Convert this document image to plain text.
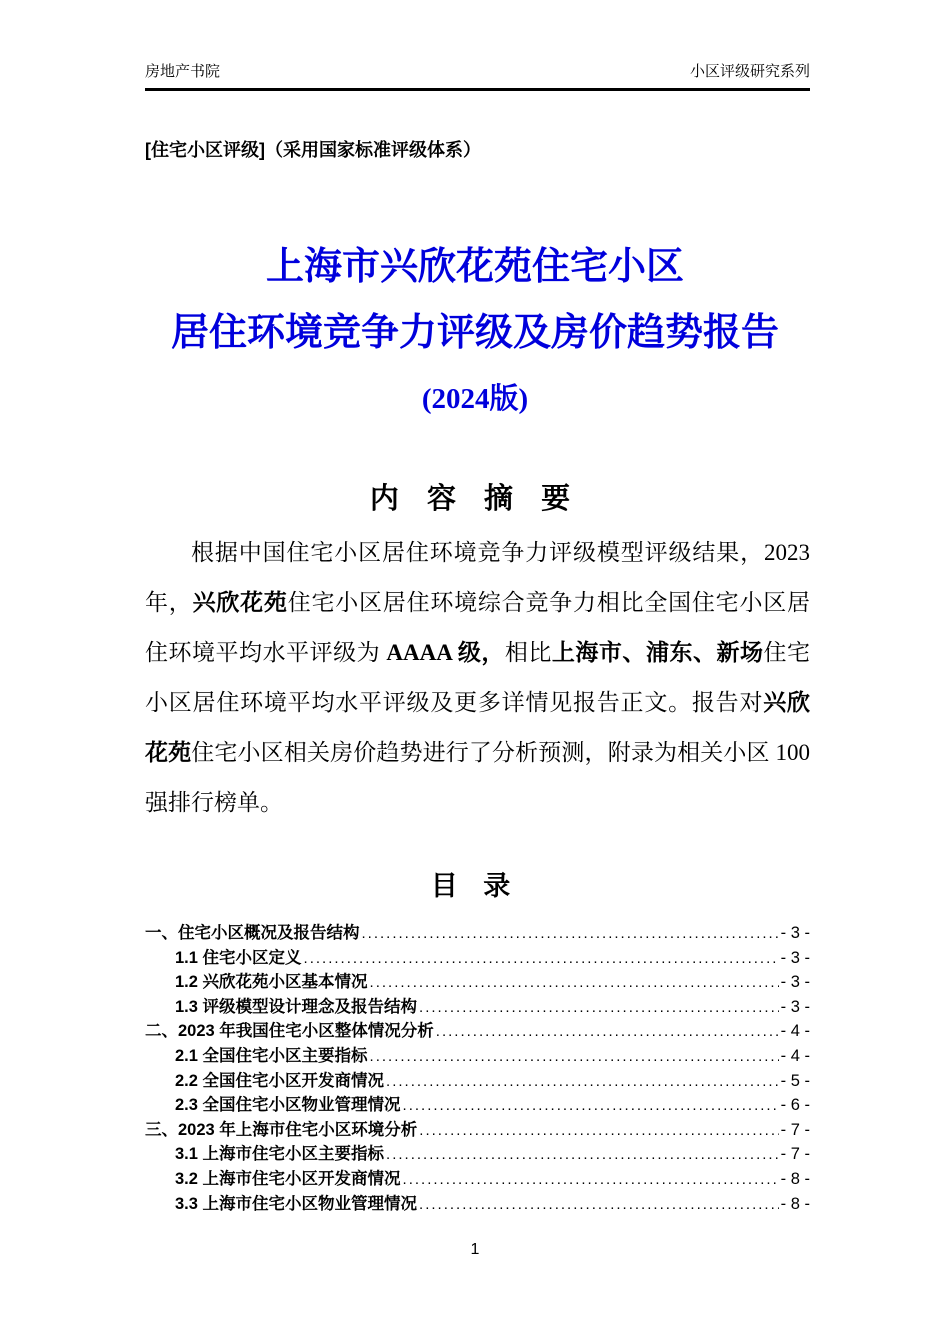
房地产书院	小区评级研究系列
[住宅小区评级]（采用国家标准评级体系）
上海市兴欣花苑住宅小区
居住环境竞争力评级及房价趋势报告
(2024版)
内 容 摘 要

根据中国住宅小区居住环境竞争力评级模型评级结果，2023 年，兴欣花苑住宅小区居住环境综合竞争力相比全国住宅小区居住环境平均水平评级为 AAAA 级，相比上海市、浦东、新场住宅小区居住环境平均水平评级及更多详情见报告正文。报告对兴欣花苑住宅小区相关房价趋势进行了分析预测，附录为相关小区 100 强排行榜单。

目 录
一、住宅小区概况及报告结构 .....	- 3 -
1.1 住宅小区定义 .....	- 3 -
1.2 兴欣花苑小区基本情况 .....	- 3 -
1.3 评级模型设计理念及报告结构 .....	- 3 -
二、2023 年我国住宅小区整体情况分析 .....	- 4 -
2.1 全国住宅小区主要指标 .....	- 4 -
2.2 全国住宅小区开发商情况 .....	- 5 -
2.3 全国住宅小区物业管理情况 .....	- 6 -
三、2023 年上海市住宅小区环境分析 .....	- 7 -
3.1 上海市住宅小区主要指标 .....	- 7 -
3.2 上海市住宅小区开发商情况 .....	- 8 -
3.3 上海市住宅小区物业管理情况 .....	- 8 -
1
